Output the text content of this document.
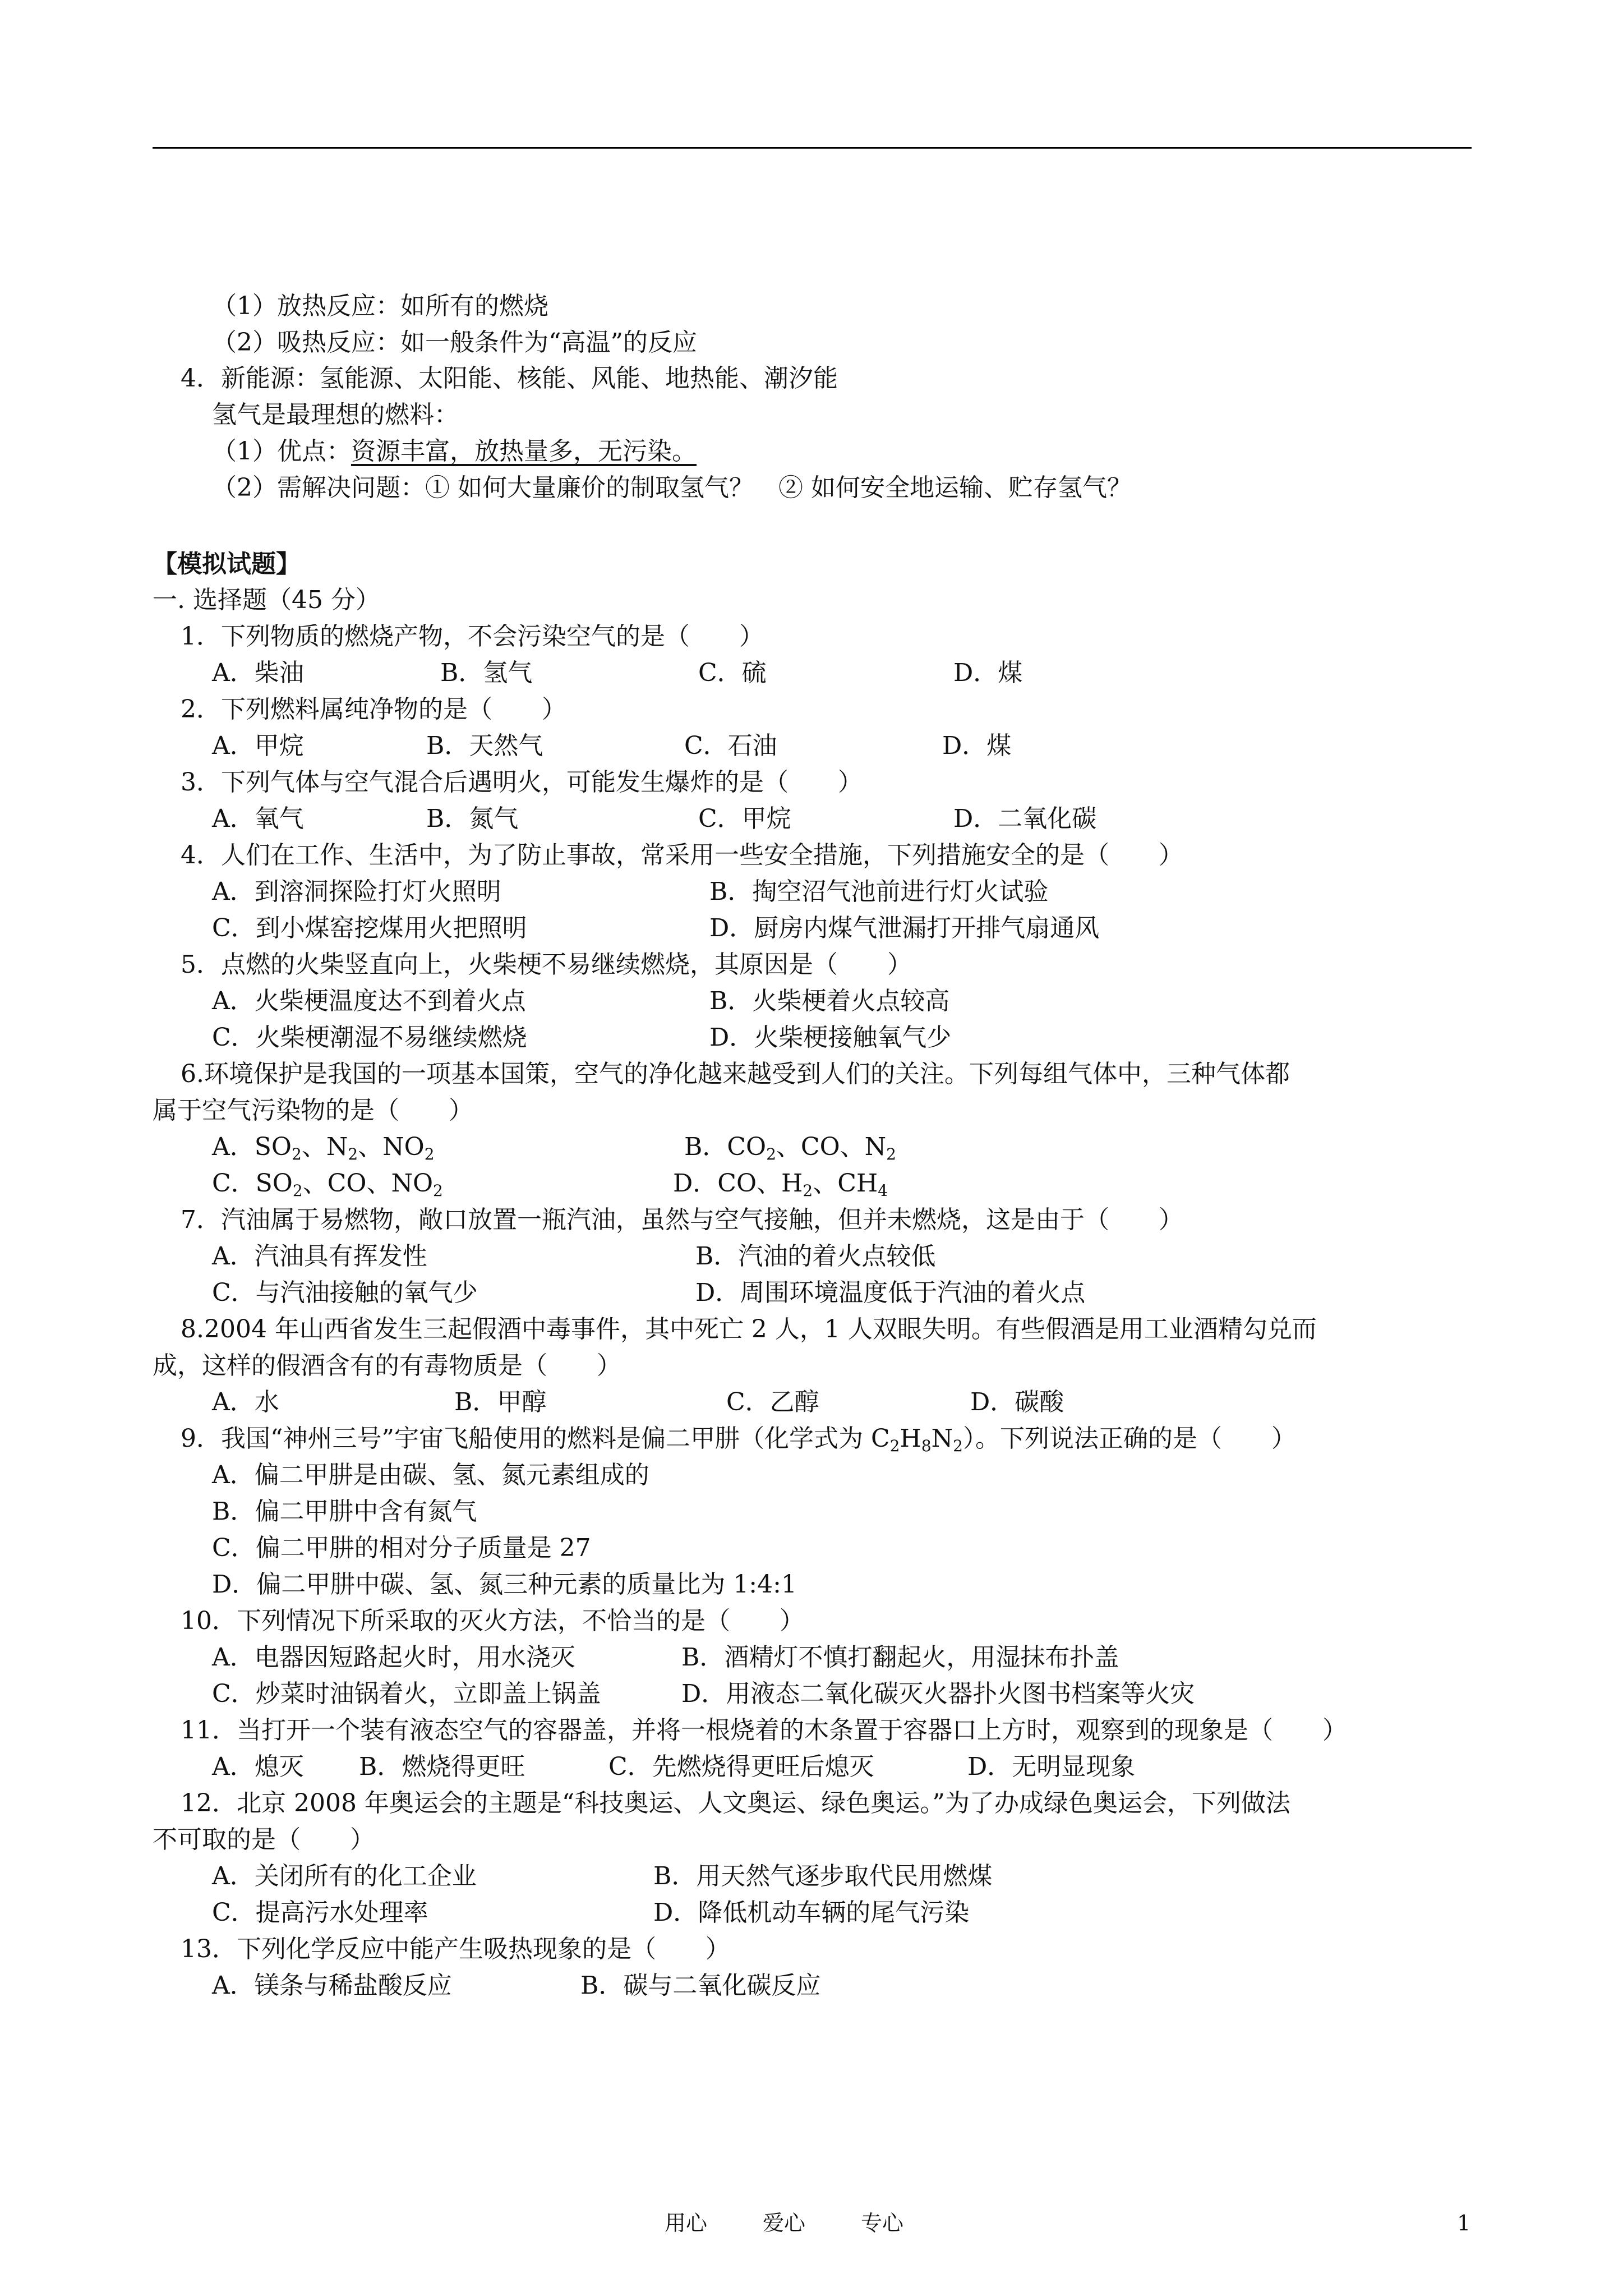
（1）放热反应：如所有的燃烧
（2）吸热反应：如一般条件为“高温”的反应
4．新能源：氢能源、太阳能、核能、风能、地热能、潮汐能
氢气是最理想的燃料：
（1）优点：资源丰富，放热量多，无污染。
（2）需解决问题：① 如何大量廉价的制取氢气？　② 如何安全地运输、贮存氢气？
【模拟试题】
一. 选择题（45 分）
1．下列物质的燃烧产物，不会污染空气的是（　　）
A．柴油	B．氢气	C．硫	D．煤
2．下列燃料属纯净物的是（　　）
A．甲烷	B．天然气	C．石油	D．煤
3．下列气体与空气混合后遇明火，可能发生爆炸的是（　　）
A．氧气	B．氮气	C．甲烷	D．二氧化碳
4．人们在工作、生活中，为了防止事故，常采用一些安全措施，下列措施安全的是（　　）
A．到溶洞探险打灯火照明	B．掏空沼气池前进行灯火试验
C．到小煤窑挖煤用火把照明	D．厨房内煤气泄漏打开排气扇通风
5．点燃的火柴竖直向上，火柴梗不易继续燃烧，其原因是（　　）
A．火柴梗温度达不到着火点	B．火柴梗着火点较高
C．火柴梗潮湿不易继续燃烧	D．火柴梗接触氧气少
6.环境保护是我国的一项基本国策，空气的净化越来越受到人们的关注。下列每组气体中，三种气体都
属于空气污染物的是（　　）
A．$SO_2$、$N_2$、$NO_2$	B．$CO_2$、CO、$N_2$
C．$SO_2$、CO、$NO_2$	D．CO、$H_2$、$CH_4$
7．汽油属于易燃物，敞口放置一瓶汽油，虽然与空气接触，但并未燃烧，这是由于（　　）
A．汽油具有挥发性	B．汽油的着火点较低
C．与汽油接触的氧气少	D．周围环境温度低于汽油的着火点
8.2004 年山西省发生三起假酒中毒事件，其中死亡 2 人，1 人双眼失明。有些假酒是用工业酒精勾兑而
成，这样的假酒含有的有毒物质是（　　）
A．水	B．甲醇	C．乙醇	D．碳酸
9．我国“神州三号”宇宙飞船使用的燃料是偏二甲肼（化学式为 $C_2H_8N_2$）。下列说法正确的是（　　）
A．偏二甲肼是由碳、氢、氮元素组成的
B．偏二甲肼中含有氮气
C．偏二甲肼的相对分子质量是 27
D．偏二甲肼中碳、氢、氮三种元素的质量比为 1:4:1
10．下列情况下所采取的灭火方法，不恰当的是（　　）
A．电器因短路起火时，用水浇灭	B．酒精灯不慎打翻起火，用湿抹布扑盖
C．炒菜时油锅着火，立即盖上锅盖	D．用液态二氧化碳灭火器扑火图书档案等火灾
11．当打开一个装有液态空气的容器盖，并将一根烧着的木条置于容器口上方时，观察到的现象是（　　）
A．熄灭 B．燃烧得更旺	C．先燃烧得更旺后熄灭	D．无明显现象
12．北京 2008 年奥运会的主题是“科技奥运、人文奥运、绿色奥运。”为了办成绿色奥运会，下列做法
不可取的是（　　）
A．关闭所有的化工企业	B．用天然气逐步取代民用燃煤
C．提高污水处理率	D．降低机动车辆的尾气污染
13．下列化学反应中能产生吸热现象的是（　　）
A．镁条与稀盐酸反应	B．碳与二氧化碳反应
用心	爱心	专心	1
